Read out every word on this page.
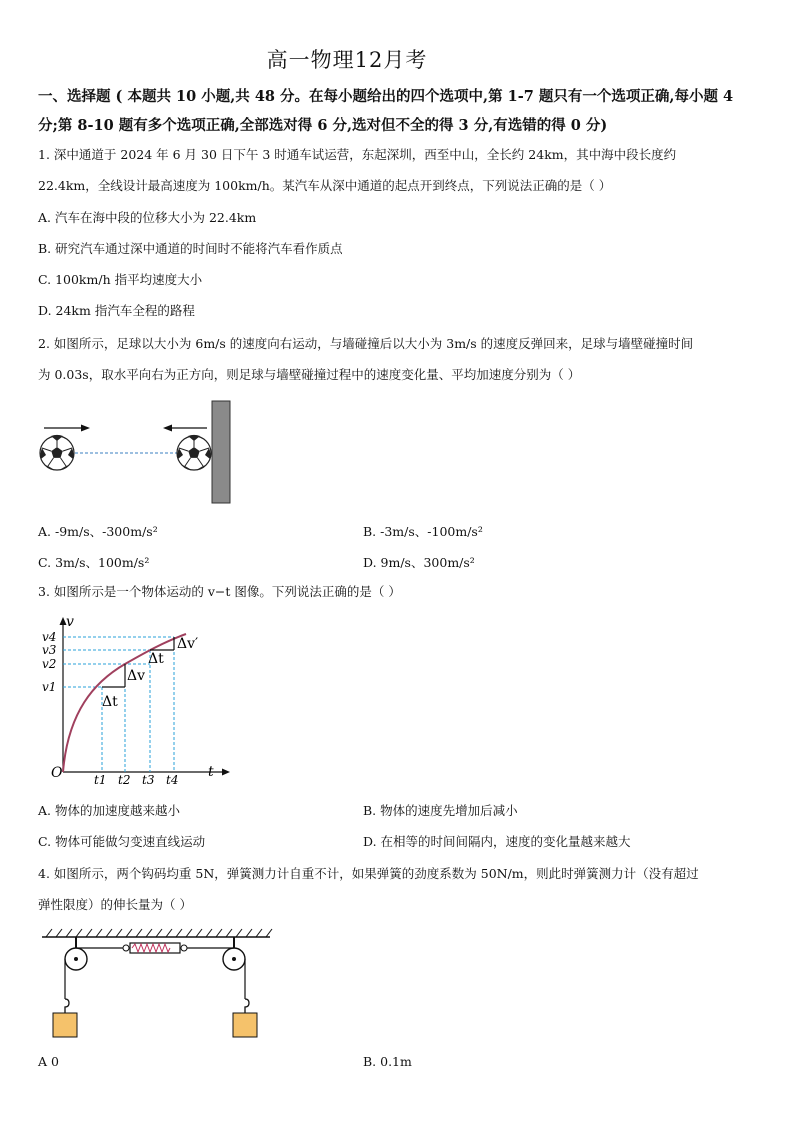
高一物理12月考
一、选择题 ( 本题共 10 小题,共 48 分。在每小题给出的四个选项中,第 1-7 题只有一个选项正确,每小题 4
分;第 8-10 题有多个选项正确,全部选对得 6 分,选对但不全的得 3 分,有选错的得 0 分)
1. 深中通道于 2024 年 6 月 30 日下午 3 时通车试运营，东起深圳，西至中山，全长约 24km，其中海中段长度约
22.4km，全线设计最高速度为 100km/h。某汽车从深中通道的起点开到终点，下列说法正确的是（ ）
A. 汽车在海中段的位移大小为 22.4km
B. 研究汽车通过深中通道的时间时不能将汽车看作质点
C. 100km/h 指平均速度大小
D. 24km 指汽车全程的路程
2. 如图所示，足球以大小为 6m/s 的速度向右运动，与墙碰撞后以大小为 3m/s 的速度反弹回来，足球与墙壁碰撞时间
为 0.03s，取水平向右为正方向，则足球与墙壁碰撞过程中的速度变化量、平均加速度分别为（ ）
A. -9m/s、-300m/s²	B. -3m/s、-100m/s²
C. 3m/s、100m/s²	D. 9m/s、300m/s²
3. 如图所示是一个物体运动的 v−t 图像。下列说法正确的是（ ）
v
t
O
v4
v3
v2
v1
t1 t2 t3 t4
Δt
Δv
Δt
Δv′
A. 物体的加速度越来越小	B. 物体的速度先增加后减小
C. 物体可能做匀变速直线运动	D. 在相等的时间间隔内，速度的变化量越来越大
4. 如图所示，两个钩码均重 5N，弹簧测力计自重不计，如果弹簧的劲度系数为 50N/m，则此时弹簧测力计（没有超过
弹性限度）的伸长量为（ ）
A 0	B. 0.1m
